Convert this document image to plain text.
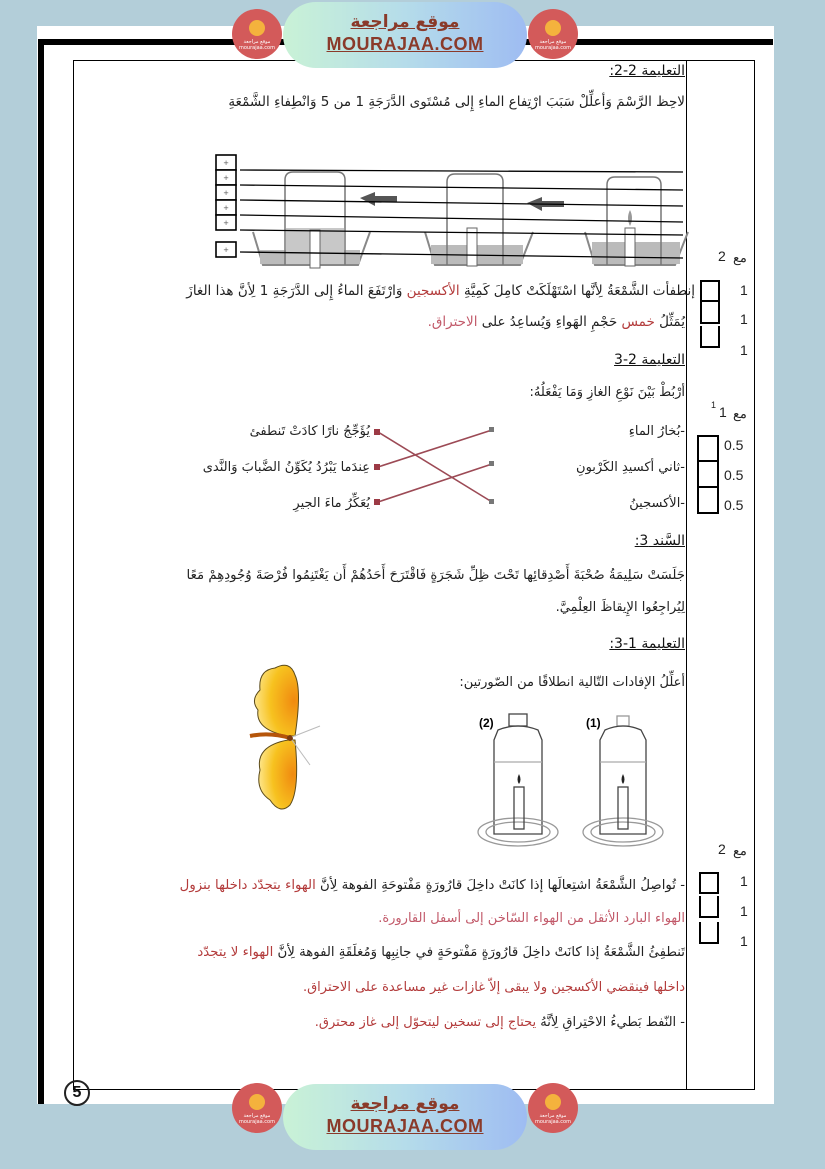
موقع مراجعة mourajaa.com
موقع مراجعة
MOURAJAA.COM	موقع مراجعة mourajaa.com
التعليمة 2-2:
لاحِظ الرَّسْمَ وَأعلِّلْ سَبَبَ ارْتِفاع الماءِ إِلى مُسْتَوى الدَّرَجَةِ 1 من 5 وَانْطِفاءِ الشَّمْعَةِ
+
+
+
+
+
+
إنطفأت الشَّمْعَةُ لِأنَّها اسْتَهْلَكَتْ كامِلَ كَمِيَّةِ الأكسجين وَارْتَفَعَ الماءُ إِلى الدَّرَجَةِ 1 لِأنَّ هذا الغازَ
يُمَثِّلُ خمس حَجْمِ الهَواءِ وَيُساعِدُ على الاحتراق.
التعليمة 2-3
أرْبُطْ بَيْنَ نَوْعِ الغازِ وَمَا يَفْعَلُهُ:
-بُخارُ الماءِ
-ثاني أكسيدِ الكَرْبونِ
-الأكسجينُ
يُؤَجِّجُ نارًا كادَتْ تَنطفئ
عِندَما يَبْرُدُ يُكَوِّنُ الضَّبابَ وَالنَّدى
يُعَكِّرُ ماءَ الجيرِ
السَّند 3:
جَلَسَتْ سَلِيمَةُ صُحْبَةَ أَصْدِقائِها تَحْتَ ظِلِّ شَجَرَةٍ فَاقْتَرَحَ أَحَدُهُمْ أَن يَغْتَنِمُوا فُرْصَةَ وُجُودِهِمْ مَعًا
لِيُراجِعُوا الإِيقاظَ العِلْمِيَّ.
التعليمة 1-3:
أعلِّلُ الإفادات التّالية انطلاقًا من الصّورتين:
(2)	(1)
- تُواصِلُ الشَّمْعَةُ اشتِعالَها إذا كانَتْ داخِلَ قارُورَةٍ مَفْتوحَةِ الفوهة لِأنَّ الهواء يتجدّد داخلها بنزول
الهواء البارد الأثقل من الهواء السّاخن إلى أسفل القارورة.
تَنطفِئُ الشَّمْعَةُ إذا كانَتْ داخِلَ قارُورَةٍ مَفْتوحَةٍ في جانِبِها وَمُغلَقَةِ الفوهة لِأنَّ الهواء لا يتجدّد
داخلها فينقضي الأكسجين ولا يبقى إلاّ غازات غير مساعدة على الاحتراق.
- النّفط بَطيءُ الاحْتِراقِ لِأنَّهُ يحتاج إلى تسخين ليتحوّل إلى غاز محترق.
مع
2
1
1
1
مع
1
1
0.5
0.5
0.5
مع
2
1
1
1
5
موقع مراجعة mourajaa.com
موقع مراجعة
MOURAJAA.COM	موقع مراجعة mourajaa.com
